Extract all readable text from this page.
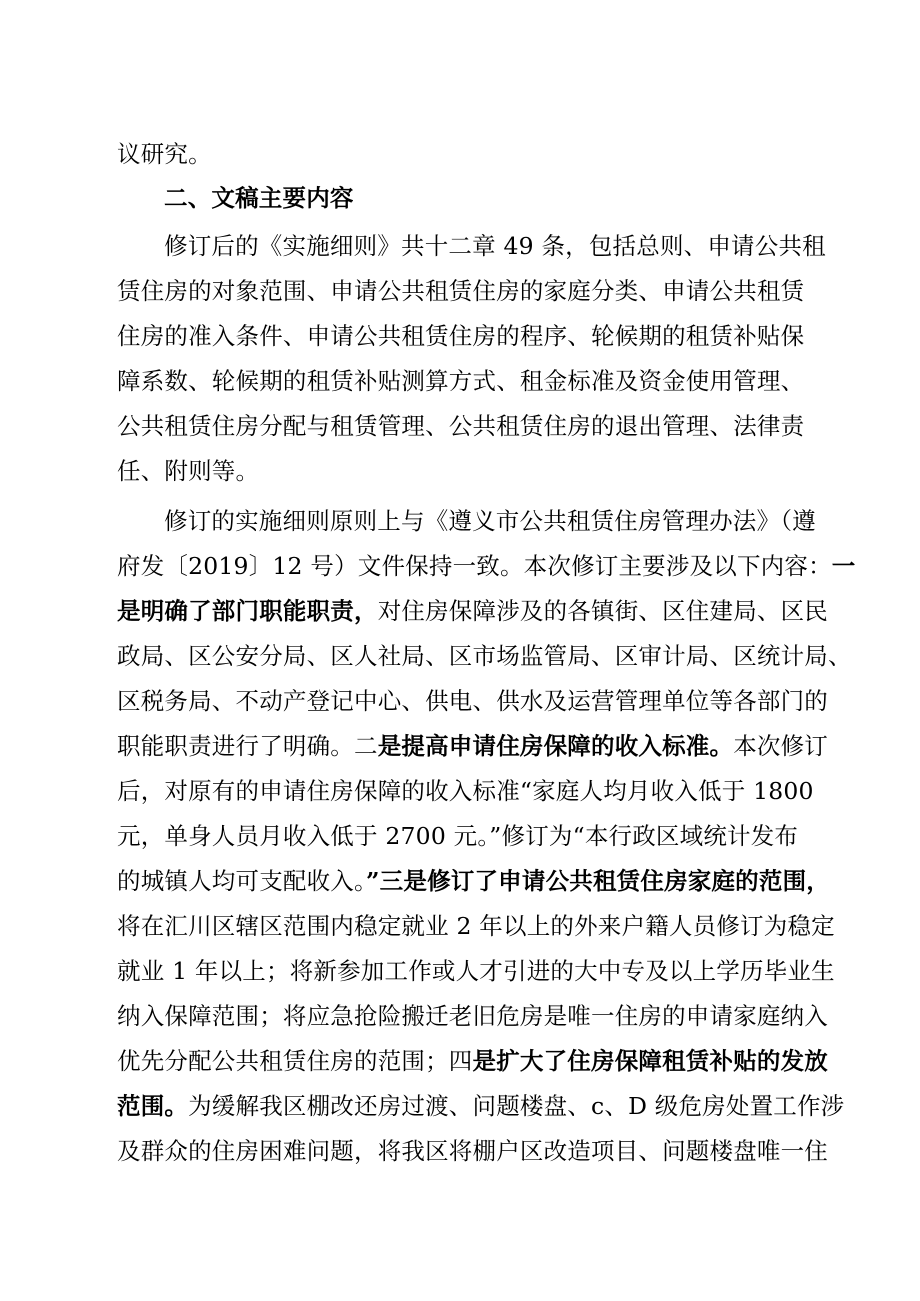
议研究。
二、文稿主要内容
修订后的《实施细则》共十二章 49 条，包括总则、申请公共租
赁住房的对象范围、申请公共租赁住房的家庭分类、申请公共租赁
住房的准入条件、申请公共租赁住房的程序、轮候期的租赁补贴保
障系数、轮候期的租赁补贴测算方式、租金标准及资金使用管理、
公共租赁住房分配与租赁管理、公共租赁住房的退出管理、法律责
任、附则等。
修订的实施细则原则上与《遵义市公共租赁住房管理办法》（遵
府发〔2019〕12 号）文件保持一致。本次修订主要涉及以下内容：一
是明确了部门职能职责，对住房保障涉及的各镇街、区住建局、区民
政局、区公安分局、区人社局、区市场监管局、区审计局、区统计局、
区税务局、不动产登记中心、供电、供水及运营管理单位等各部门的
职能职责进行了明确。二是提高申请住房保障的收入标准。本次修订
后，对原有的申请住房保障的收入标准“家庭人均月收入低于 1800
元，单身人员月收入低于 2700 元。”修订为“本行政区域统计发布
的城镇人均可支配收入。”三是修订了申请公共租赁住房家庭的范围，
将在汇川区辖区范围内稳定就业 2 年以上的外来户籍人员修订为稳定
就业 1 年以上；将新参加工作或人才引进的大中专及以上学历毕业生
纳入保障范围；将应急抢险搬迁老旧危房是唯一住房的申请家庭纳入
优先分配公共租赁住房的范围；四是扩大了住房保障租赁补贴的发放
范围。为缓解我区棚改还房过渡、问题楼盘、c、D 级危房处置工作涉
及群众的住房困难问题，将我区将棚户区改造项目、问题楼盘唯一住
